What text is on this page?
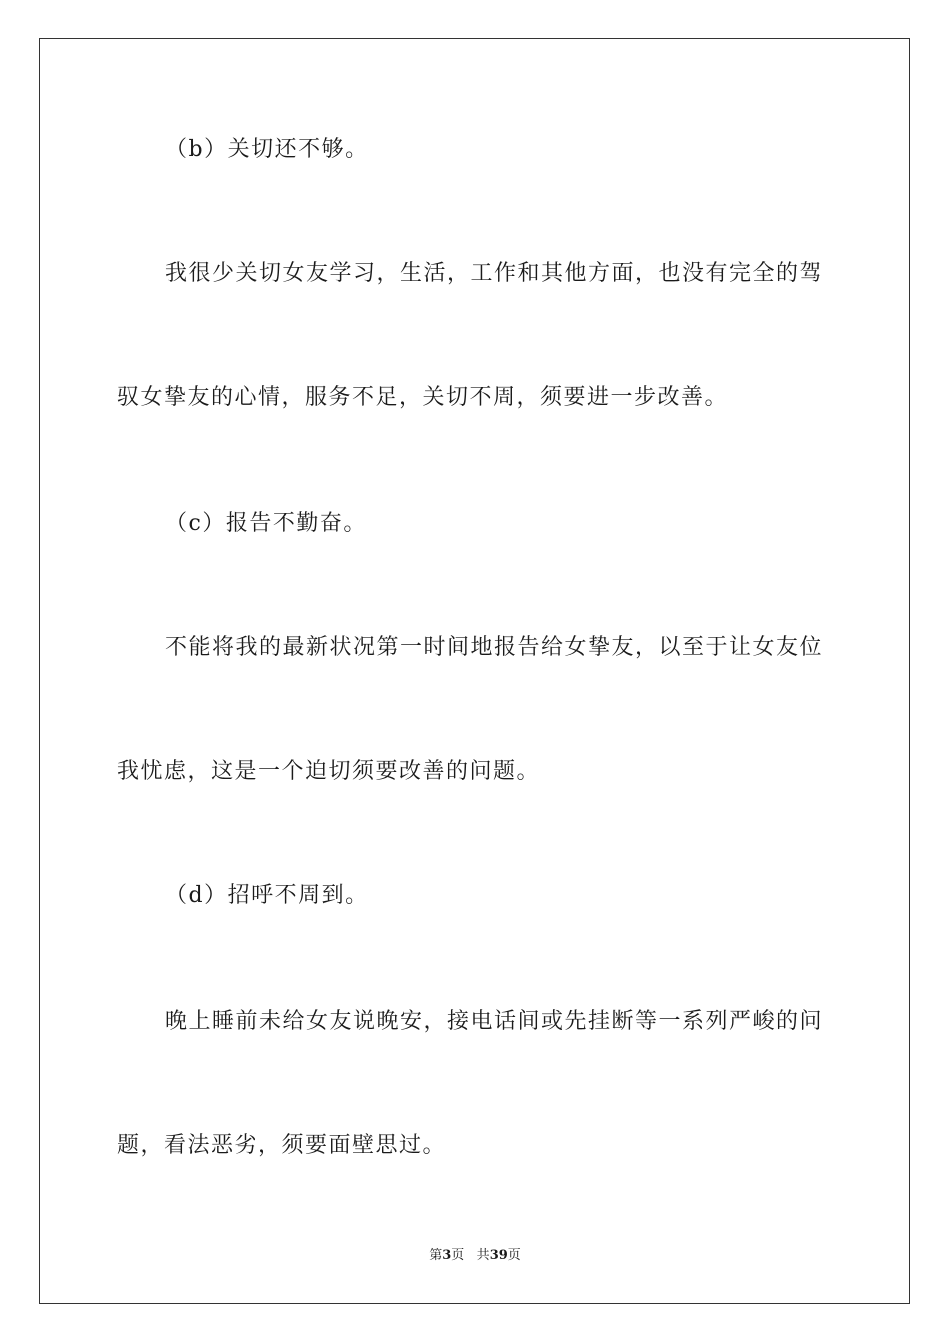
（b）关切还不够。
我很少关切女友学习，生活，工作和其他方面，也没有完全的驾
驭女挚友的心情，服务不足，关切不周，须要进一步改善。
（c）报告不勤奋。
不能将我的最新状况第一时间地报告给女挚友，以至于让女友位
我忧虑，这是一个迫切须要改善的问题。
（d）招呼不周到。
晚上睡前未给女友说晚安，接电话间或先挂断等一系列严峻的问
题，看法恶劣，须要面壁思过。
第3页 共39页
